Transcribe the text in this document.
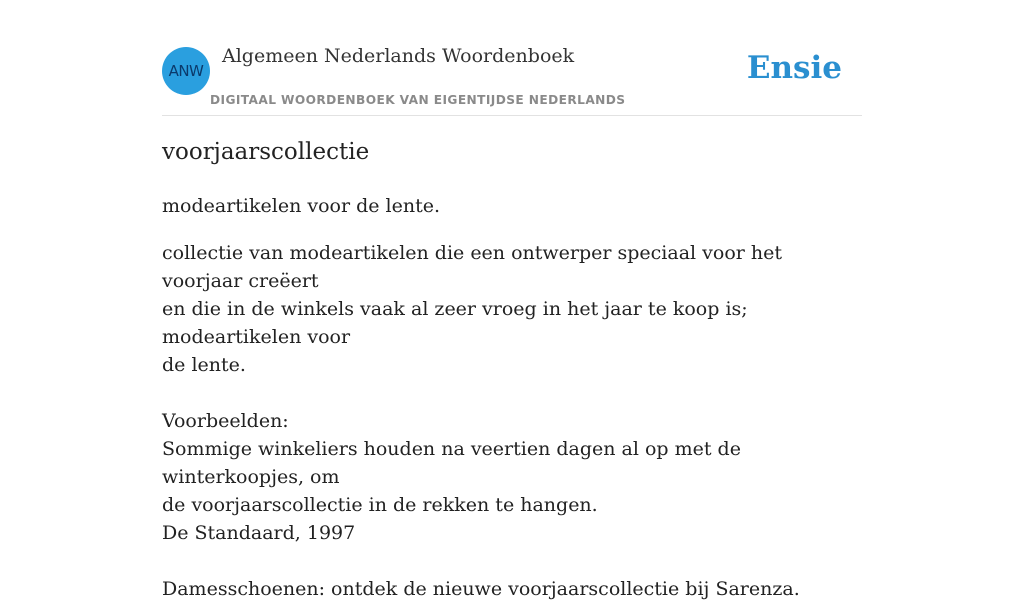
ANW
Algemeen Nederlands Woordenboek
DIGITAAL WOORDENBOEK VAN EIGENTIJDSE NEDERLANDS
Ensie
voorjaarscollectie
modeartikelen voor de lente.

collectie van modeartikelen die een ontwerper speciaal voor het voorjaar creëert

en die in de winkels vaak al zeer vroeg in het jaar te koop is; modeartikelen voor

de lente.

Voorbeelden:

Sommige winkeliers houden na veertien dagen al op met de winterkoopjes, om

de voorjaarscollectie in de rekken te hangen.

De Standaard, 1997

Damesschoenen: ontdek de nieuwe voorjaarscollectie bij Sarenza.
